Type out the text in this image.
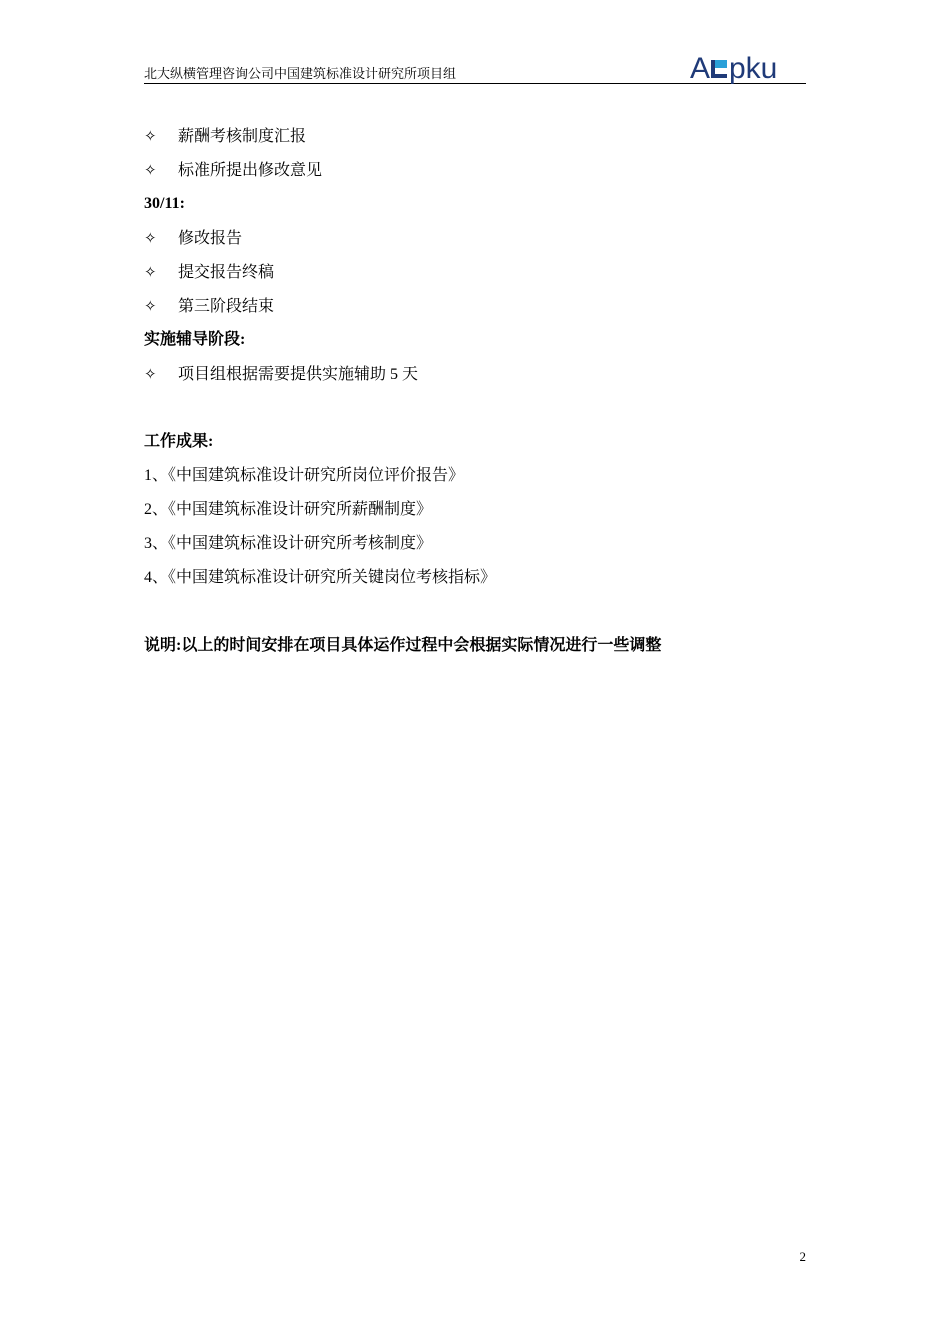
北大纵横管理咨询公司中国建筑标准设计研究所项目组	A pku
✧ 薪酬考核制度汇报
✧ 标准所提出修改意见
30/11:
✧ 修改报告
✧ 提交报告终稿
✧ 第三阶段结束
实施辅导阶段:
✧ 项目组根据需要提供实施辅助 5 天
工作成果:
1、《中国建筑标准设计研究所岗位评价报告》
2、《中国建筑标准设计研究所薪酬制度》
3、《中国建筑标准设计研究所考核制度》
4、《中国建筑标准设计研究所关键岗位考核指标》
说明:以上的时间安排在项目具体运作过程中会根据实际情况进行一些调整
2
